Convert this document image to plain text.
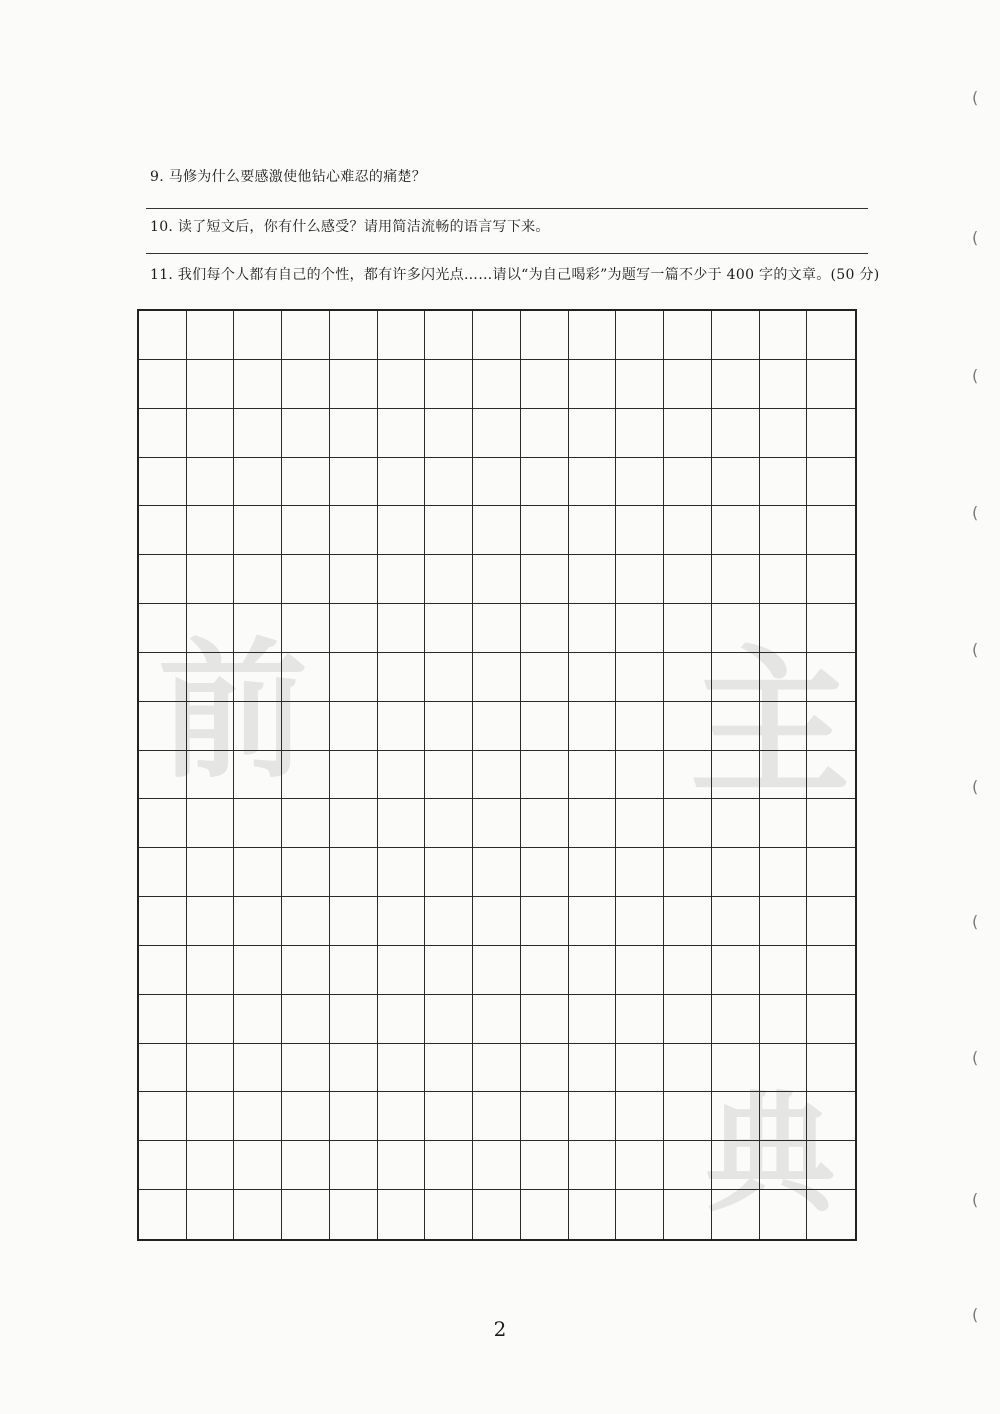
9. 马修为什么要感激使他钻心难忍的痛楚？
10. 读了短文后，你有什么感受？请用简洁流畅的语言写下来。
11. 我们每个人都有自己的个性，都有许多闪光点……请以“为自己喝彩”为题写一篇不少于 400 字的文章。(50 分)
前 主
典
(
(
(
(
(
(
(
(
(
(
2
